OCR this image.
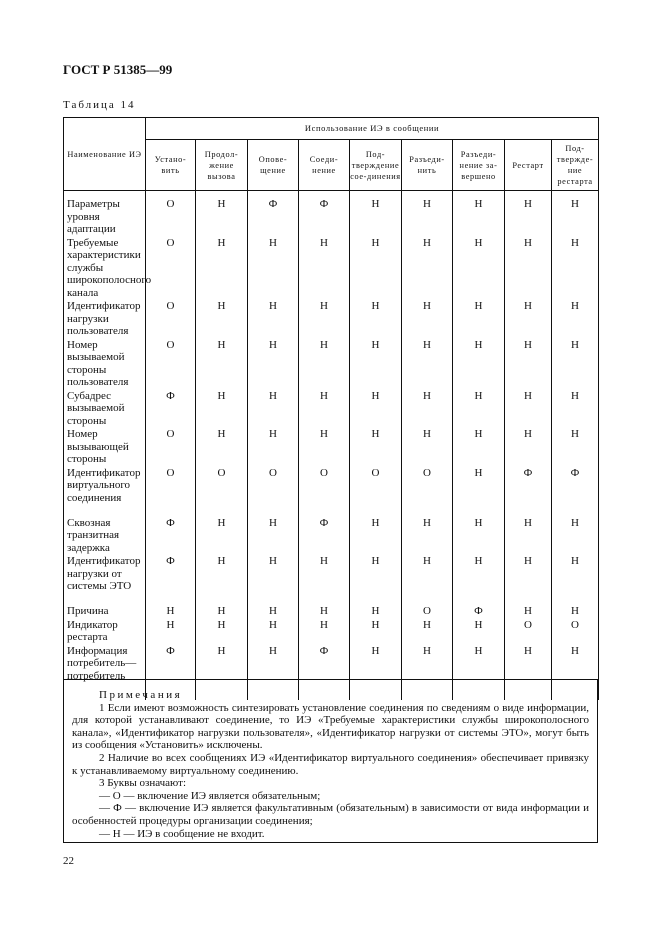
ГОСТ Р 51385—99
Таблица 14
Наименование ИЭ	Использование ИЭ в сообщении								
	Устано-вить	Продол-жение вызова	Опове-щение	Соеди-нение	Под-тверждение сое-динения	Разъеди-нить	Разъеди-нение за-вершено	Рестарт	Под-твержде-ние рестарта
Параметры уровня адаптации	О	Н	Ф	Ф	Н	Н	Н	Н	Н
Требуемые характеристики службы широкополосного канала	О	Н	Н	Н	Н	Н	Н	Н	Н
Идентификатор нагрузки пользователя	О	Н	Н	Н	Н	Н	Н	Н	Н
Номер вызываемой стороны пользователя	О	Н	Н	Н	Н	Н	Н	Н	Н
Субадрес вызываемой стороны	Ф	Н	Н	Н	Н	Н	Н	Н	Н
Номер вызывающей стороны	О	Н	Н	Н	Н	Н	Н	Н	Н
Идентификатор виртуального соединения	О	О	О	О	О	О	Н	Ф	Ф
Сквозная транзитная задержка	Ф	Н	Н	Ф	Н	Н	Н	Н	Н
Идентификатор нагрузки от системы ЭТО	Ф	Н	Н	Н	Н	Н	Н	Н	Н
Причина	Н	Н	Н	Н	Н	О	Ф	Н	Н
Индикатор рестарта	Н	Н	Н	Н	Н	Н	Н	О	О
Информация потребитель—потребитель	Ф	Н	Н	Ф	Н	Н	Н	Н	Н

Примечания

1 Если имеют возможность синтезировать установление соединения по сведениям о виде информации, для которой устанавливают соединение, то ИЭ «Требуемые характеристики службы широкополосного канала», «Идентификатор нагрузки пользователя», «Идентификатор нагрузки от системы ЭТО», могут быть из сообщения «Установить» исключены.

2 Наличие во всех сообщениях ИЭ «Идентификатор виртуального соединения» обеспечивает привязку к устанавливаемому виртуальному соединению.

3 Буквы означают:

— О — включение ИЭ является обязательным;

— Ф — включение ИЭ является факультативным (обязательным) в зависимости от вида информации и особенностей процедуры организации соединения;

— Н — ИЭ в сообщение не входит.

22
